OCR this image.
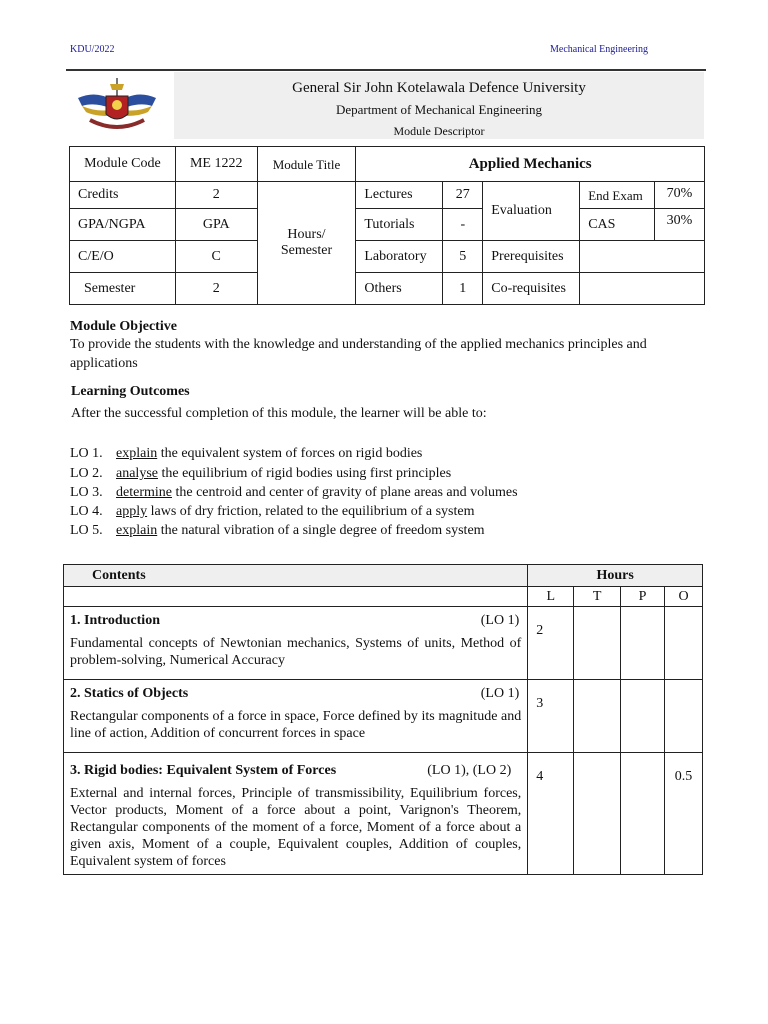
KDU/2022	Mechanical Engineering
General Sir John Kotelawala Defence University
Department of Mechanical Engineering
Module Descriptor
Module Code	ME 1222	Module Title	Applied Mechanics				
Credits	2	Hours/ Semester	Lectures	27	Evaluation	End Exam	70%
GPA/NGPA	GPA		Tutorials	-		CAS	30%
C/E/O	C		Laboratory	5	Prerequisites		
Semester	2		Others	1	Co-requisites		
Module Objective
To provide the students with the knowledge and understanding of the applied mechanics principles and applications
Learning Outcomes
After the successful completion of this module, the learner will be able to:
LO 1. explain the equivalent system of forces on rigid bodies
LO 2. analyse the equilibrium of rigid bodies using first principles
LO 3. determine the centroid and center of gravity of plane areas and volumes
LO 4. apply laws of dry friction, related to the equilibrium of a system
LO 5. explain the natural vibration of a single degree of freedom system
Contents	Hours			
	L	T	P	O

1. Introduction (LO 1)
Fundamental concepts of Newtonian mechanics, Systems of units, Method of problem-solving, Numerical Accuracy	2			

2. Statics of Objects (LO 1)
Rectangular components of a force in space, Force defined by its magnitude and line of action, Addition of concurrent forces in space	3			

3. Rigid bodies: Equivalent System of Forces (LO 1), (LO 2)
External and internal forces, Principle of transmissibility, Equilibrium forces, Vector products, Moment of a force about a point, Varignon's Theorem, Rectangular components of the moment of a force, Moment of a force about a given axis, Moment of a couple, Equivalent couples, Addition of couples, Equivalent system of forces	4			0.5
